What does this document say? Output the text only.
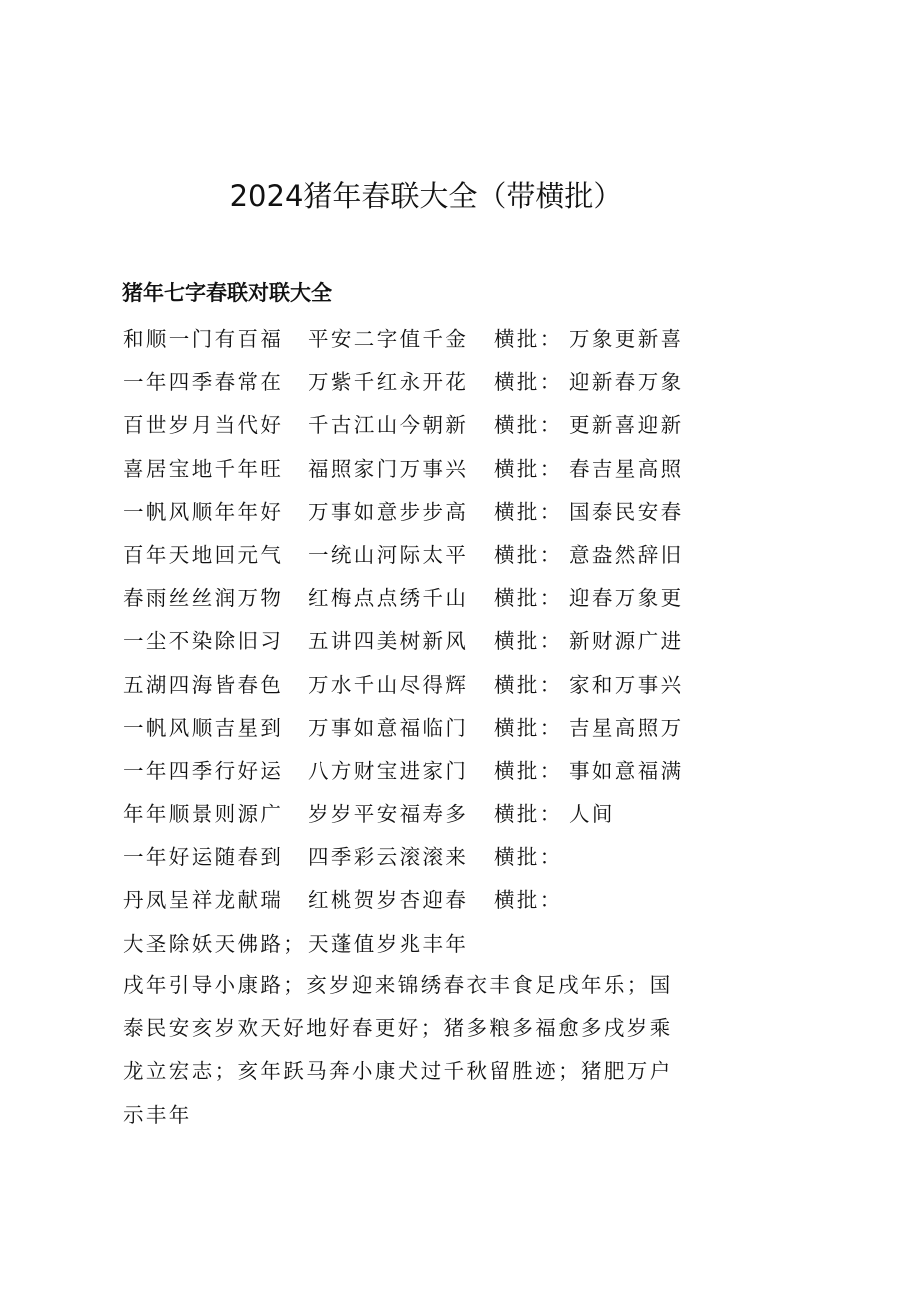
2024猪年春联大全（带横批）
猪年七字春联对联大全
和顺一门有百福 平安二字值千金 横批： 万象更新喜
一年四季春常在 万紫千红永开花 横批： 迎新春万象
百世岁月当代好 千古江山今朝新 横批： 更新喜迎新
喜居宝地千年旺 福照家门万事兴 横批： 春吉星高照
一帆风顺年年好 万事如意步步高 横批： 国泰民安春
百年天地回元气 一统山河际太平 横批： 意盎然辞旧
春雨丝丝润万物 红梅点点绣千山 横批： 迎春万象更
一尘不染除旧习 五讲四美树新风 横批： 新财源广进
五湖四海皆春色 万水千山尽得辉 横批： 家和万事兴
一帆风顺吉星到 万事如意福临门 横批： 吉星高照万
一年四季行好运 八方财宝进家门 横批： 事如意福满
年年顺景则源广 岁岁平安福寿多 横批： 人间
一年好运随春到 四季彩云滚滚来 横批：
丹凤呈祥龙献瑞 红桃贺岁杏迎春 横批：
大圣除妖天佛路； 天蓬值岁兆丰年

戌年引导小康路；亥岁迎来锦绣春衣丰食足戌年乐；国泰民安亥岁欢天好地好春更好；猪多粮多福愈多戌岁乘龙立宏志；亥年跃马奔小康犬过千秋留胜迹；猪肥万户示丰年
